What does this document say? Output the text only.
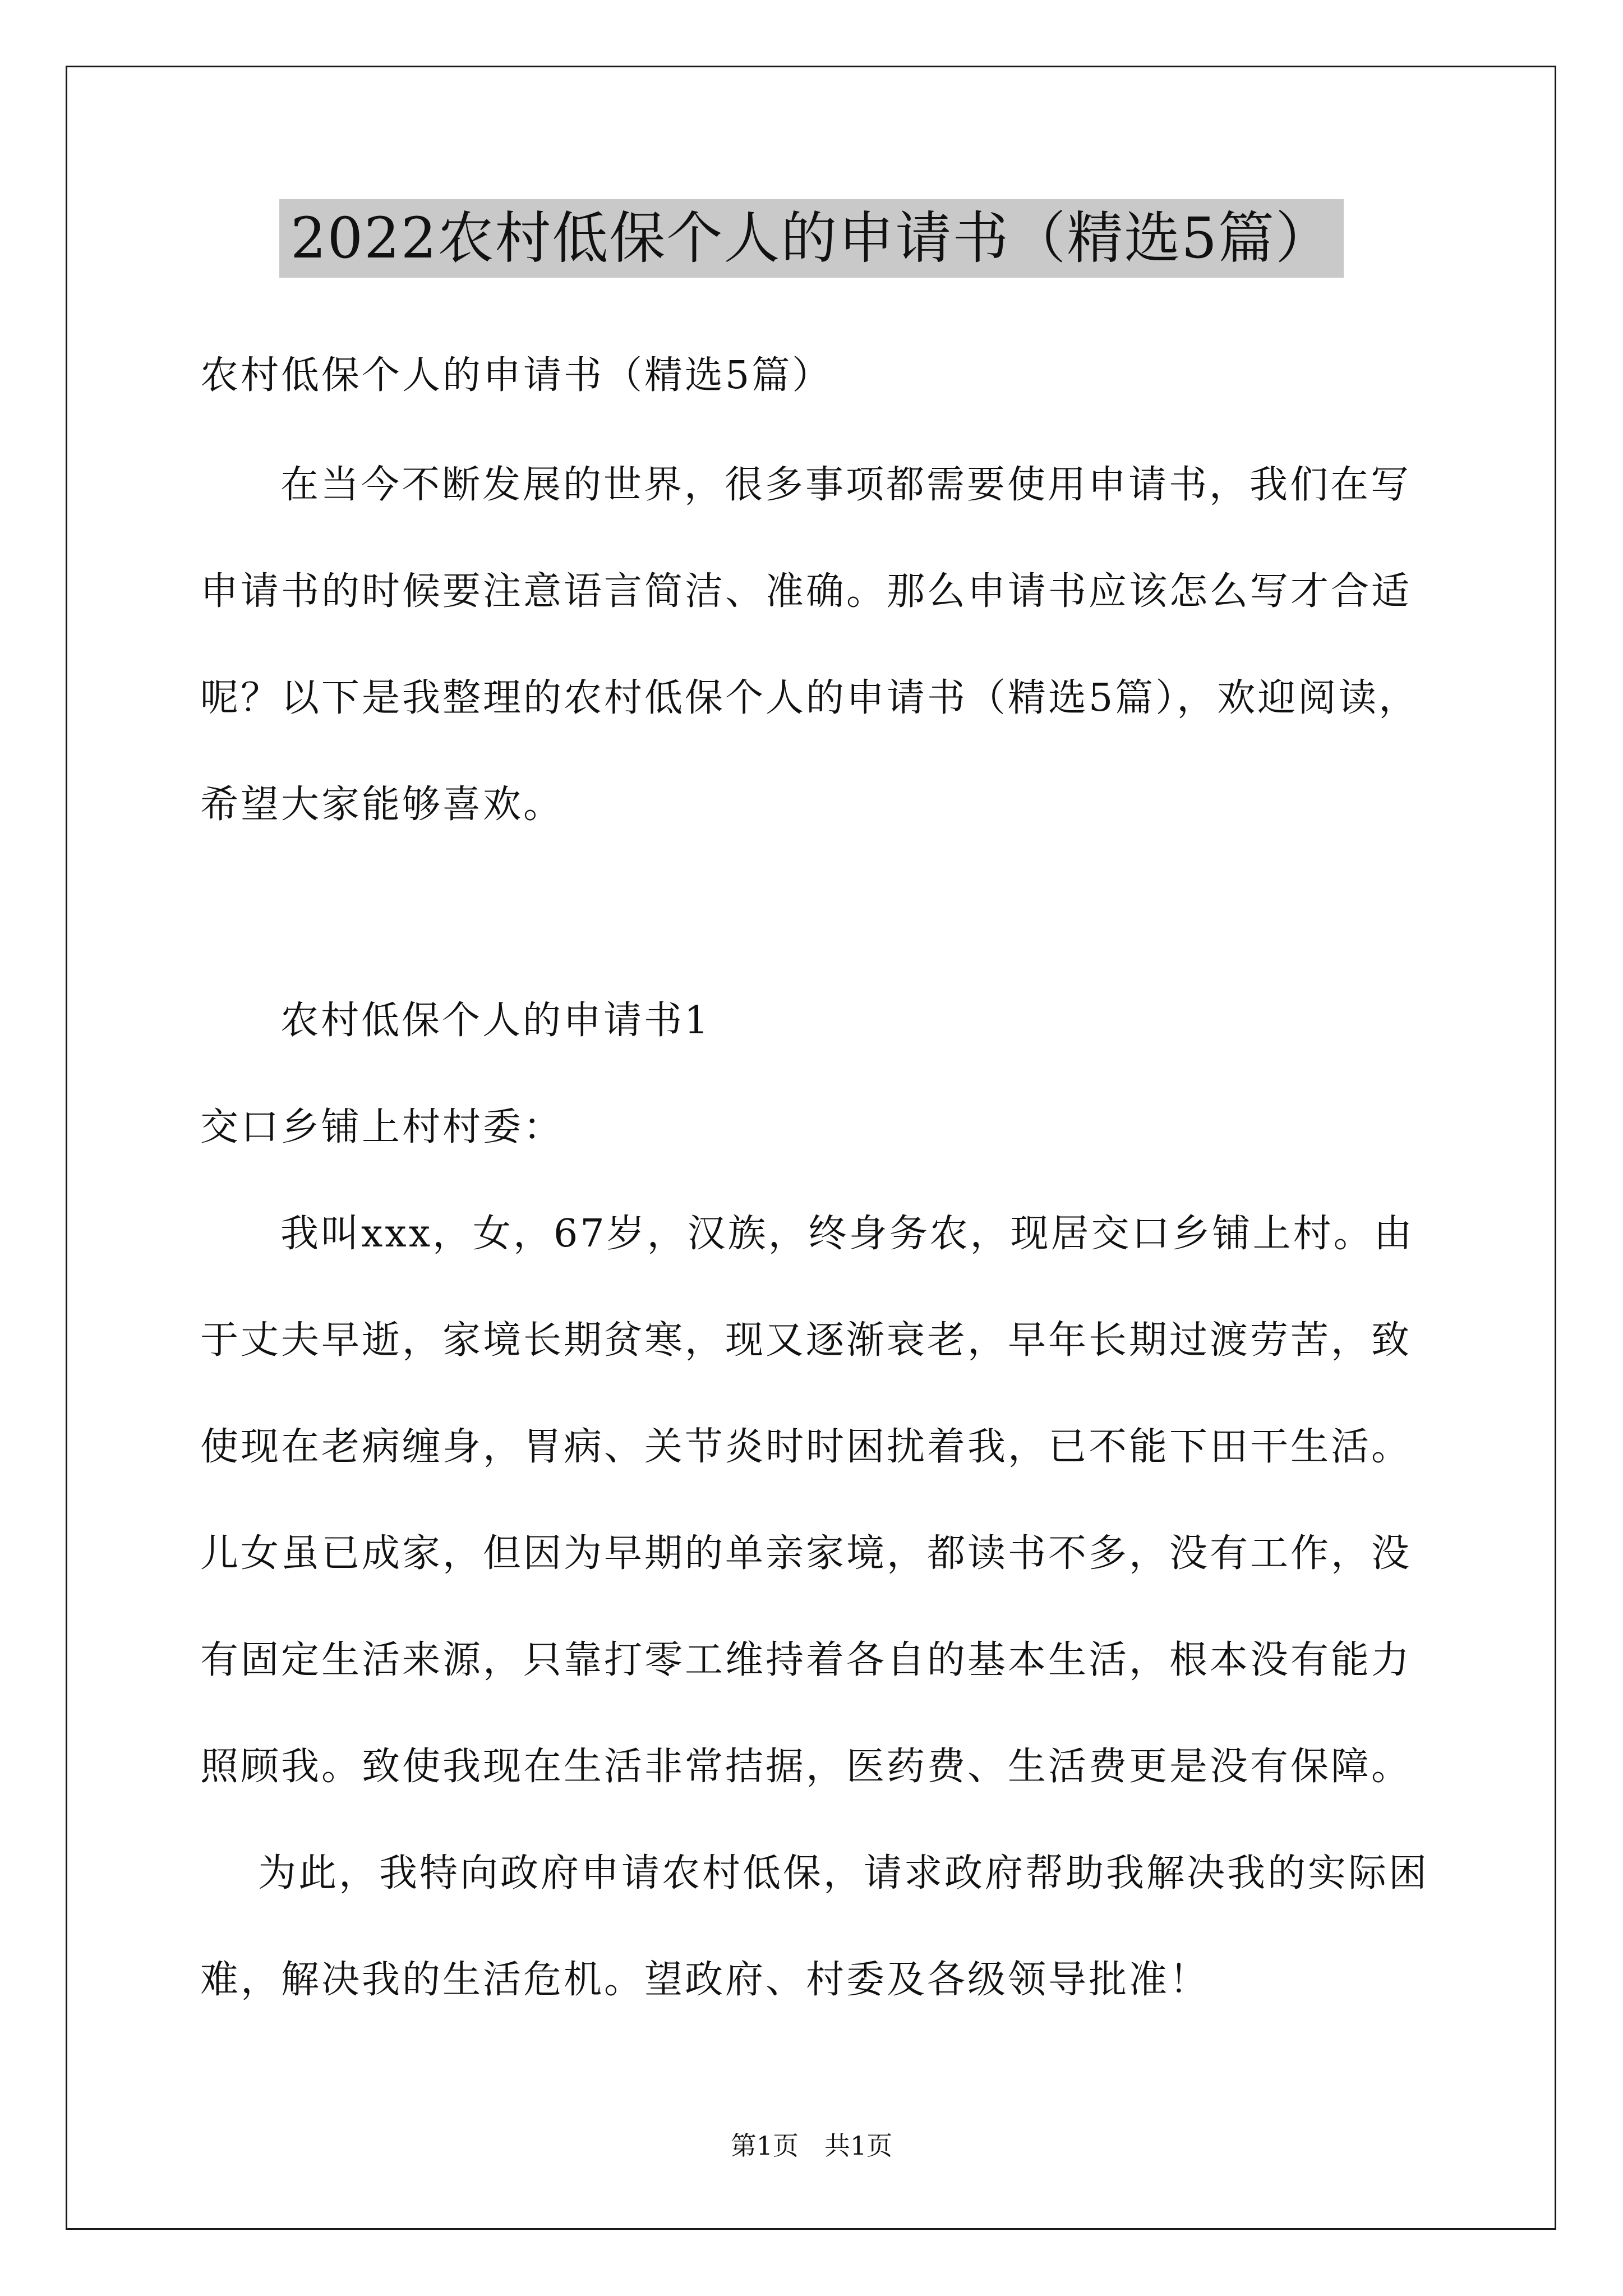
2022农村低保个人的申请书（精选5篇）
农村低保个人的申请书（精选5篇）
在当今不断发展的世界，很多事项都需要使用申请书，我们在写
申请书的时候要注意语言简洁、准确。那么申请书应该怎么写才合适
呢？以下是我整理的农村低保个人的申请书（精选5篇），欢迎阅读，
希望大家能够喜欢。
农村低保个人的申请书1
交口乡铺上村村委：
我叫xxx，女，67岁，汉族，终身务农，现居交口乡铺上村。由
于丈夫早逝，家境长期贫寒，现又逐渐衰老，早年长期过渡劳苦，致
使现在老病缠身，胃病、关节炎时时困扰着我，已不能下田干生活。
儿女虽已成家，但因为早期的单亲家境，都读书不多，没有工作，没
有固定生活来源，只靠打零工维持着各自的基本生活，根本没有能力
照顾我。致使我现在生活非常拮据，医药费、生活费更是没有保障。
为此，我特向政府申请农村低保，请求政府帮助我解决我的实际困
难，解决我的生活危机。望政府、村委及各级领导批准！
第1页　共1页
